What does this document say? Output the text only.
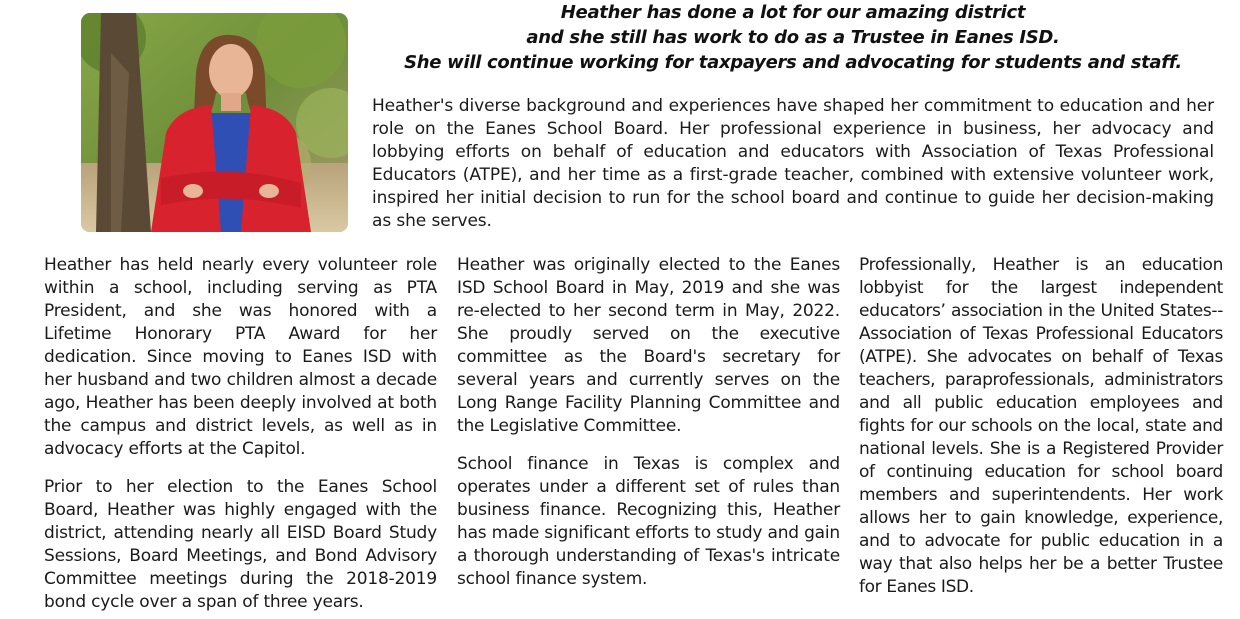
Heather has done a lot for our amazing district
and she still has work to do as a Trustee in Eanes ISD.
She will continue working for taxpayers and advocating for students and staff.
Heather's diverse background and experiences have shaped her commitment to education and her role on the Eanes School Board. Her professional experience in business, her advocacy and lobbying efforts on behalf of education and educators with Association of Texas Professional Educators (ATPE), and her time as a first-grade teacher, combined with extensive volunteer work, inspired her initial decision to run for the school board and continue to guide her decision-making as she serves.

Heather has held nearly every volunteer role within a school, including serving as PTA President, and she was honored with a Lifetime Honorary PTA Award for her dedication. Since moving to Eanes ISD with her husband and two children almost a decade ago, Heather has been deeply involved at both the campus and district levels, as well as in advocacy efforts at the Capitol.

Prior to her election to the Eanes School Board, Heather was highly engaged with the district, attending nearly all EISD Board Study Sessions, Board Meetings, and Bond Advisory Committee meetings during the 2018-2019 bond cycle over a span of three years.

Heather was originally elected to the Eanes ISD School Board in May, 2019 and she was re-elected to her second term in May, 2022. She proudly served on the executive committee as the Board's secretary for several years and currently serves on the Long Range Facility Planning Committee and the Legislative Committee.

School finance in Texas is complex and operates under a different set of rules than business finance. Recognizing this, Heather has made significant efforts to study and gain a thorough understanding of Texas's intricate school finance system.

Professionally, Heather is an education lobbyist for the largest independent educators’ association in the United States--Association of Texas Professional Educators (ATPE). She advocates on behalf of Texas teachers, paraprofessionals, administrators and all public education employees and fights for our schools on the local, state and national levels. She is a Registered Provider of continuing education for school board members and superintendents. Her work allows her to gain knowledge, experience, and to advocate for public education in a way that also helps her be a better Trustee for Eanes ISD.
